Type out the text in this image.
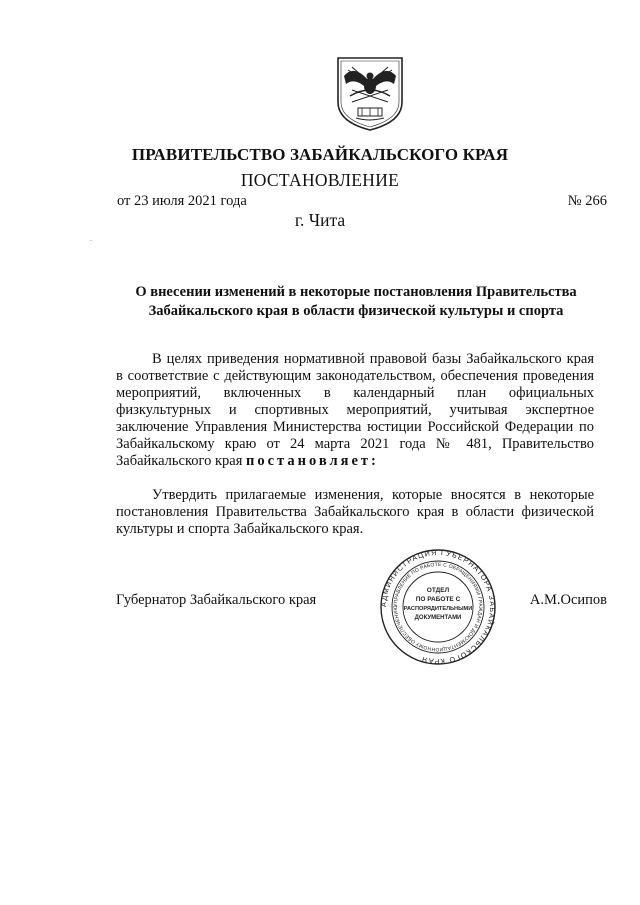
ПРАВИТЕЛЬСТВО ЗАБАЙКАЛЬСКОГО КРАЯ
ПОСТАНОВЛЕНИЕ
от 23 июля 2021 года	№ 266
г. Чита
О внесении изменений в некоторые постановления Правительства Забайкальского края в области физической культуры и спорта

В целях приведения нормативной правовой базы Забайкальского края в соответствие с действующим законодательством, обеспечения проведения мероприятий, включенных в календарный план официальных физкультурных и спортивных мероприятий, учитывая экспертное заключение Управления Министерства юстиции Российской Федерации по Забайкальскому краю от 24 марта 2021 года № 481, Правительство Забайкальского края постановляет:

Утвердить прилагаемые изменения, которые вносятся в некоторые постановления Правительства Забайкальского края в области физической культуры и спорта Забайкальского края.

Губернатор Забайкальского края	А.М.Осипов
АДМИНИСТРАЦИЯ ГУБЕРНАТОРА ЗАБАЙКАЛЬСКОГО КРАЯ
УПРАВЛЕНИЕ ПО РАБОТЕ С ОБРАЩЕНИЯМИ ГРАЖДАН И ДОКУМЕНТАЦИОННОМУ ОБЕСПЕЧЕНИЮ
ОТДЕЛ
ПО РАБОТЕ С
РАСПОРЯДИТЕЛЬНЫМИ
ДОКУМЕНТАМИ
